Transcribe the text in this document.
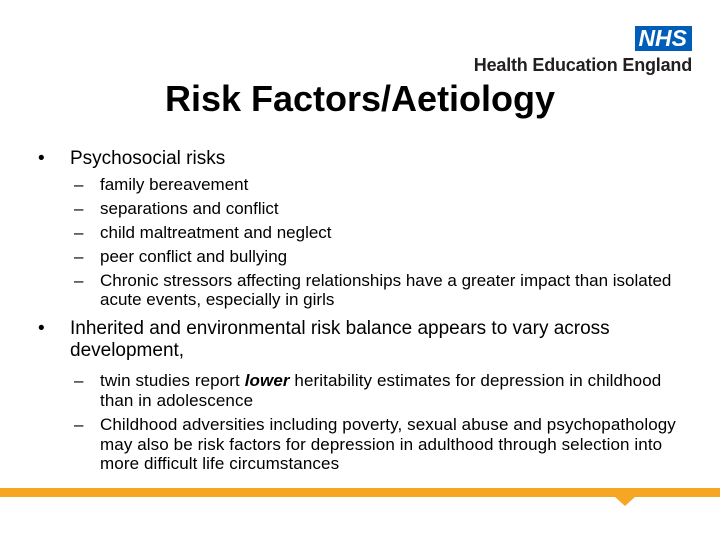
NHS
Health Education England
Risk Factors/Aetiology
• Psychosocial risks
– family bereavement
– separations and conflict
– child maltreatment and neglect
– peer conflict and bullying
– Chronic stressors affecting relationships have a greater impact than isolated acute events, especially in girls
• Inherited and environmental risk balance appears to vary across development,
– twin studies report lower heritability estimates for depression in childhood than in adolescence
– Childhood adversities including poverty, sexual abuse and psychopathology may also be risk factors for depression in adulthood through selection into more difficult life circumstances
